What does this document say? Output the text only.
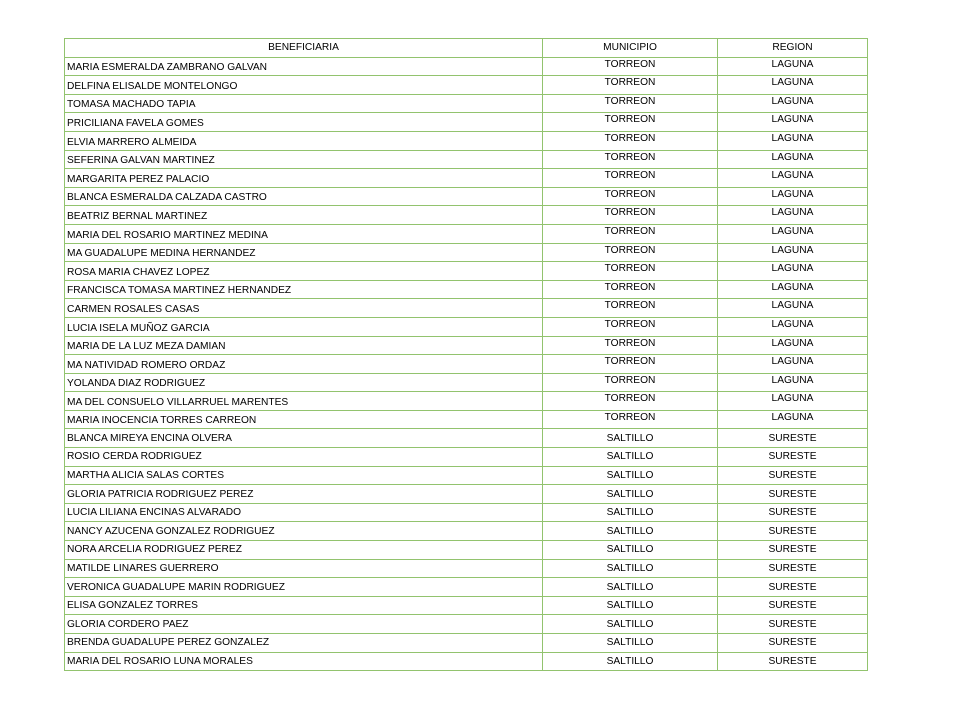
BENEFICIARIA	MUNICIPIO	REGION
MARIA ESMERALDA ZAMBRANO GALVAN	TORREON	LAGUNA
DELFINA ELISALDE MONTELONGO	TORREON	LAGUNA
TOMASA MACHADO TAPIA	TORREON	LAGUNA
PRICILIANA FAVELA GOMES	TORREON	LAGUNA
ELVIA MARRERO ALMEIDA	TORREON	LAGUNA
SEFERINA GALVAN MARTINEZ	TORREON	LAGUNA
MARGARITA PEREZ PALACIO	TORREON	LAGUNA
BLANCA ESMERALDA CALZADA CASTRO	TORREON	LAGUNA
BEATRIZ BERNAL MARTINEZ	TORREON	LAGUNA
MARIA DEL ROSARIO MARTINEZ MEDINA	TORREON	LAGUNA
MA GUADALUPE MEDINA HERNANDEZ	TORREON	LAGUNA
ROSA MARIA CHAVEZ LOPEZ	TORREON	LAGUNA
FRANCISCA TOMASA MARTINEZ HERNANDEZ	TORREON	LAGUNA
CARMEN ROSALES CASAS	TORREON	LAGUNA
LUCIA ISELA MUÑOZ GARCIA	TORREON	LAGUNA
MARIA DE LA LUZ MEZA DAMIAN	TORREON	LAGUNA
MA NATIVIDAD ROMERO ORDAZ	TORREON	LAGUNA
YOLANDA DIAZ RODRIGUEZ	TORREON	LAGUNA
MA DEL CONSUELO VILLARRUEL MARENTES	TORREON	LAGUNA
MARIA INOCENCIA TORRES CARREON	TORREON	LAGUNA
BLANCA MIREYA ENCINA OLVERA	SALTILLO	SURESTE
ROSIO CERDA RODRIGUEZ	SALTILLO	SURESTE
MARTHA ALICIA SALAS CORTES	SALTILLO	SURESTE
GLORIA PATRICIA RODRIGUEZ PEREZ	SALTILLO	SURESTE
LUCIA LILIANA ENCINAS ALVARADO	SALTILLO	SURESTE
NANCY AZUCENA GONZALEZ RODRIGUEZ	SALTILLO	SURESTE
NORA ARCELIA RODRIGUEZ PEREZ	SALTILLO	SURESTE
MATILDE LINARES GUERRERO	SALTILLO	SURESTE
VERONICA GUADALUPE MARIN RODRIGUEZ	SALTILLO	SURESTE
ELISA GONZALEZ TORRES	SALTILLO	SURESTE
GLORIA CORDERO PAEZ	SALTILLO	SURESTE
BRENDA GUADALUPE PEREZ GONZALEZ	SALTILLO	SURESTE
MARIA DEL ROSARIO LUNA MORALES	SALTILLO	SURESTE
